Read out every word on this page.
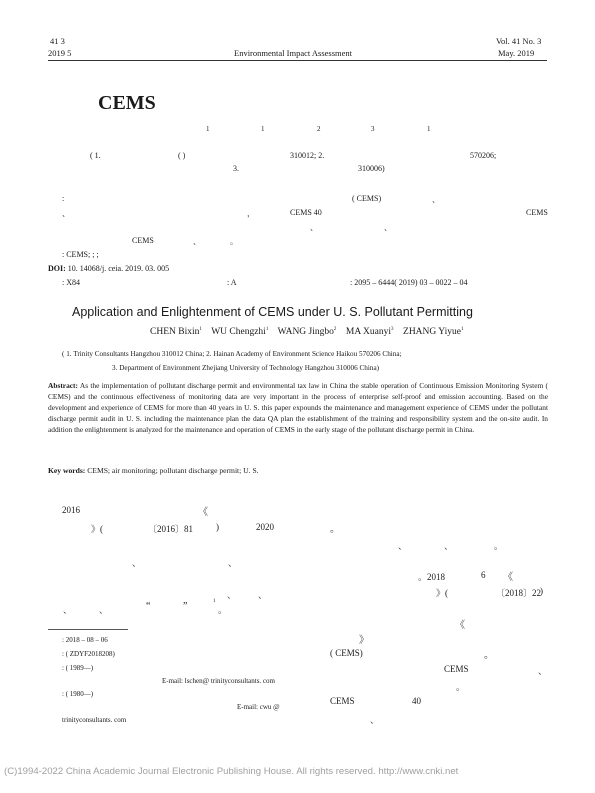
41 3
2019 5	Environmental Impact Assessment
Vol. 41 No. 3
May. 2019
CEMS
1	1	2	3	1
( 1.	( )	310012; 2.	570206;
3.	310006)
:	( CEMS)	、
、	，	CEMS 40	CEMS
、	、
CEMS	、	。
: CEMS; ; ;
DOI: 10. 14068/j. ceia. 2019. 03. 005
: X84	: A	: 2095 – 6444( 2019) 03 – 0022 – 04
Application and Enlightenment of CEMS under U. S. Pollutant Permitting
CHEN Bixin$^1$ WU Chengzhi$^1$ WANG Jingbo$^2$ MA Xuanyi$^3$ ZHANG Yiyue$^1$
( 1. Trinity Consultants Hangzhou 310012 China; 2. Hainan Academy of Environment Science Haikou 570206 China;
3. Department of Environment Zhejiang University of Technology Hangzhou 310006 China)
Abstract: As the implementation of pollutant discharge permit and environmental tax law in China the stable operation of Continuous Emission Monitoring System ( CEMS) and the continuous effectiveness of monitoring data are very important in the process of enterprise self-proof and emission accounting. Based on the development and experience of CEMS for more than 40 years in U. S. this paper expounds the maintenance and management experience of CEMS under the pollutant discharge permit audit in U. S. including the maintenance plan the data QA plan the establishment of the training and responsibility system and the on-site audit. In addition the enlightenment is analyzed for the maintenance and operation of CEMS in the early stage of the pollutant discharge permit in China.
Key words: CEMS; air monitoring; pollutant discharge permit; U. S.
2016	《
》(	〔2016〕81	)	2020	。
、	、	。
、
、
。2018	6 《
、 、	》(	〔2018〕22
)
、	、	“	”	1
。
《
》
( CEMS)	。
CEMS	、
。
CEMS	40
、
: 2018 – 08 – 06
: ( ZDYF2018208)
: ( 1989—)
E-mail: lschen@ trinityconsultants. com
: ( 1980—)
E-mail: cwu @
trinityconsultants. com
(C)1994-2022 China Academic Journal Electronic Publishing House. All rights reserved. http://www.cnki.net
